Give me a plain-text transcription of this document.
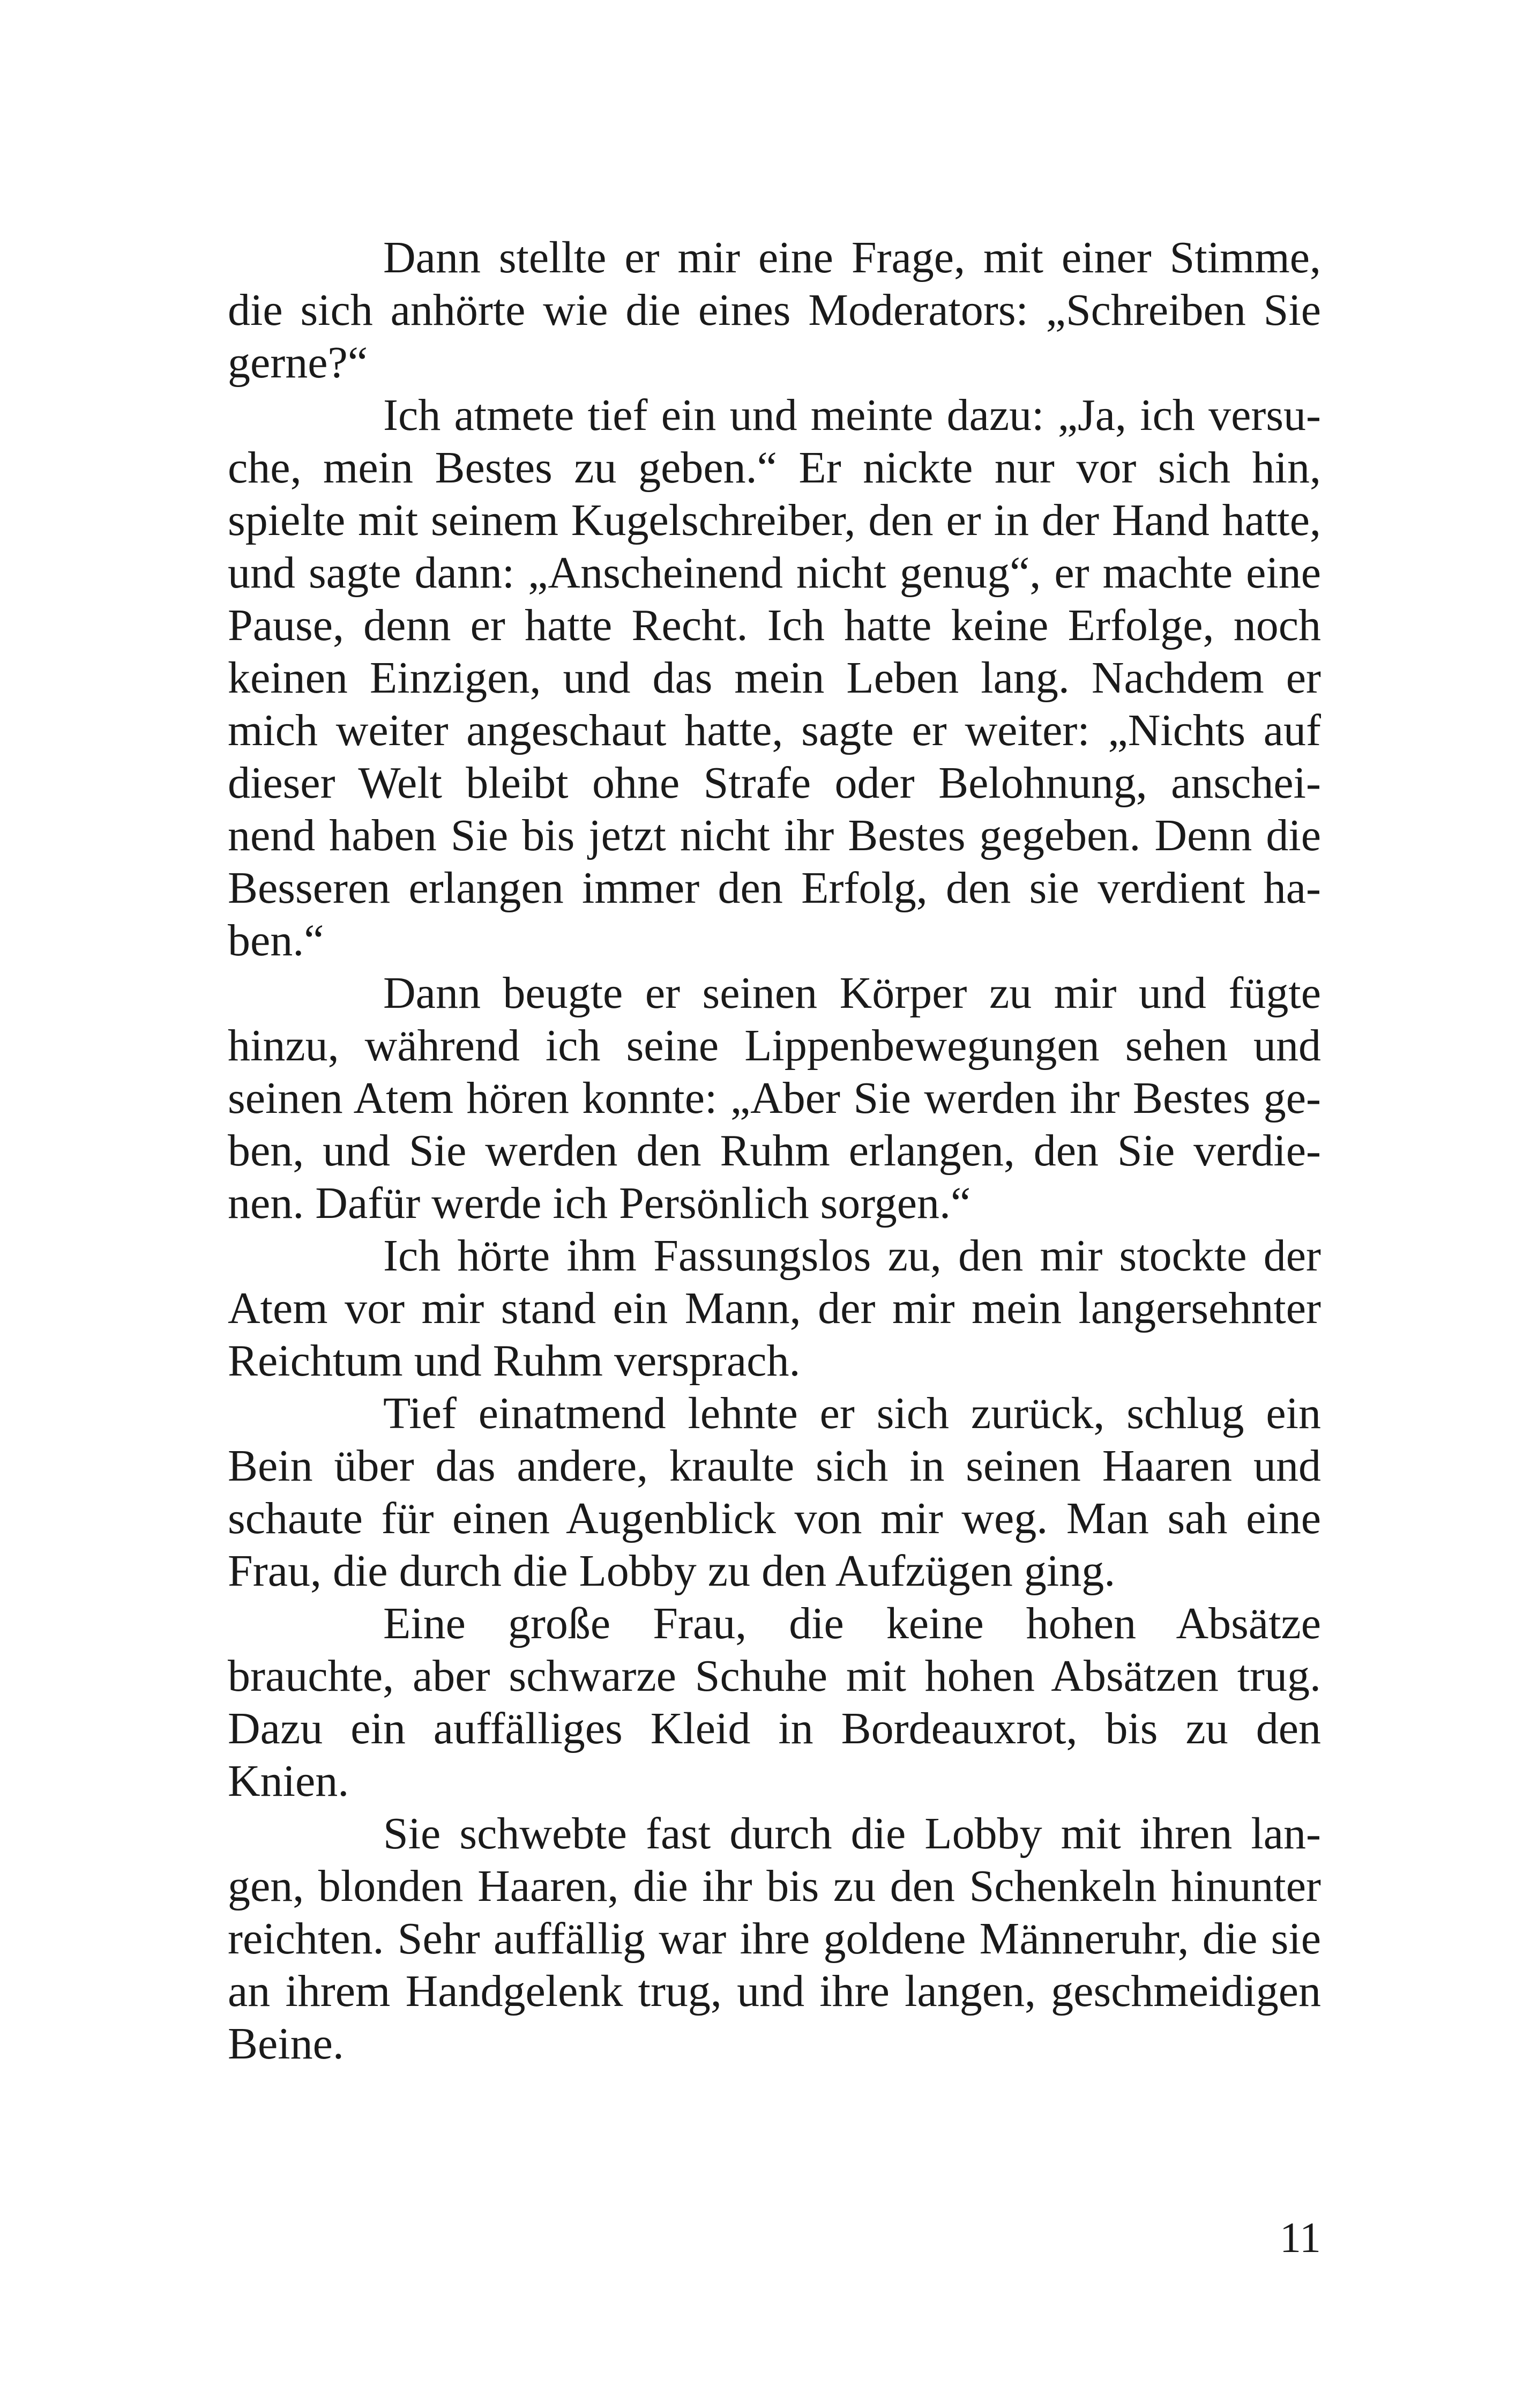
Dann stellte er mir eine Frage, mit einer Stimme,
die sich anhörte wie die eines Moderators: „Schreiben Sie
gerne?“
Ich atmete tief ein und meinte dazu: „Ja, ich versu-
che, mein Bestes zu geben.“ Er nickte nur vor sich hin,
spielte mit seinem Kugelschreiber, den er in der Hand hatte,
und sagte dann: „Anscheinend nicht genug“, er machte eine
Pause, denn er hatte Recht. Ich hatte keine Erfolge, noch
keinen Einzigen, und das mein Leben lang. Nachdem er
mich weiter angeschaut hatte, sagte er weiter: „Nichts auf
dieser Welt bleibt ohne Strafe oder Belohnung, anschei-
nend haben Sie bis jetzt nicht ihr Bestes gegeben. Denn die
Besseren erlangen immer den Erfolg, den sie verdient ha-
ben.“
Dann beugte er seinen Körper zu mir und fügte
hinzu, während ich seine Lippenbewegungen sehen und
seinen Atem hören konnte: „Aber Sie werden ihr Bestes ge-
ben, und Sie werden den Ruhm erlangen, den Sie verdie-
nen. Dafür werde ich Persönlich sorgen.“
Ich hörte ihm Fassungslos zu, den mir stockte der
Atem vor mir stand ein Mann, der mir mein langersehnter
Reichtum und Ruhm versprach.
Tief einatmend lehnte er sich zurück, schlug ein
Bein über das andere, kraulte sich in seinen Haaren und
schaute für einen Augenblick von mir weg. Man sah eine
Frau, die durch die Lobby zu den Aufzügen ging.
Eine große Frau, die keine hohen Absätze
brauchte, aber schwarze Schuhe mit hohen Absätzen trug.
Dazu ein auffälliges Kleid in Bordeauxrot, bis zu den
Knien.
Sie schwebte fast durch die Lobby mit ihren lan-
gen, blonden Haaren, die ihr bis zu den Schenkeln hinunter
reichten. Sehr auffällig war ihre goldene Männeruhr, die sie
an ihrem Handgelenk trug, und ihre langen, geschmeidigen
Beine.
11
